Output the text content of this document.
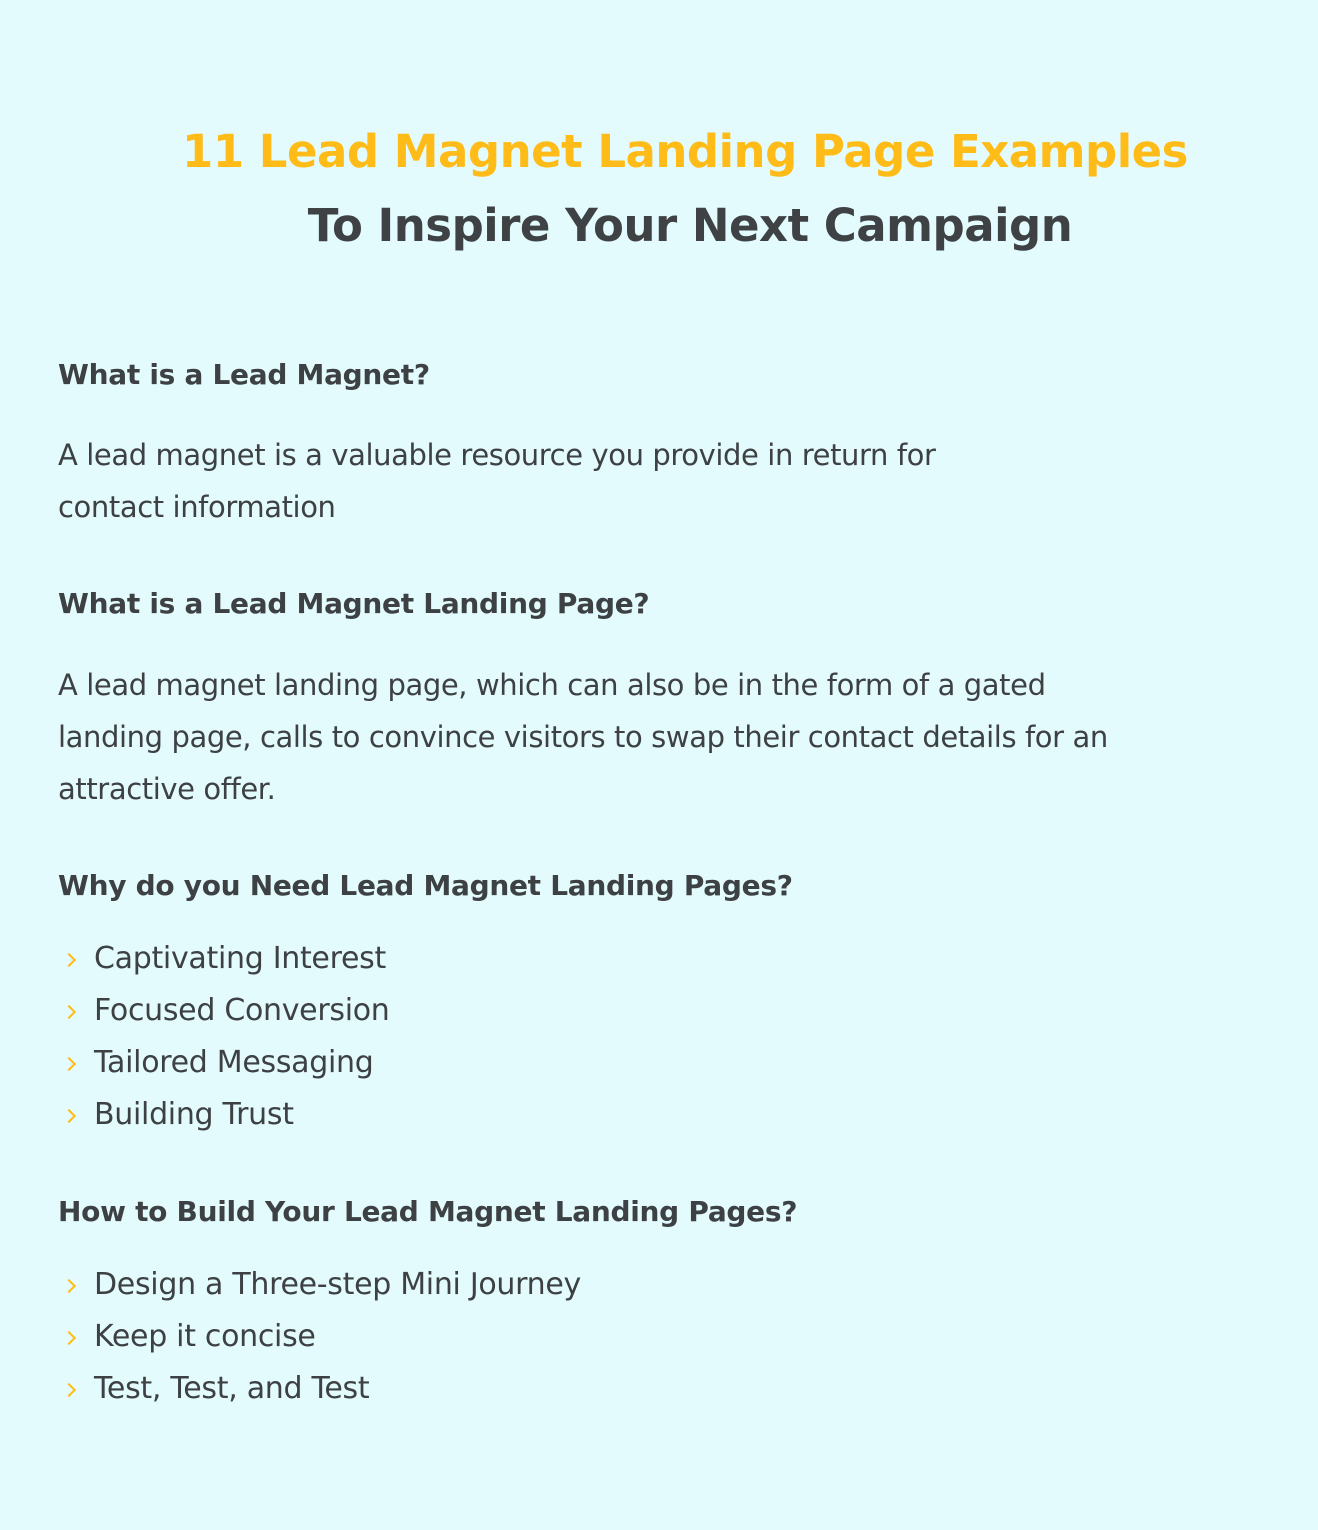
11 Lead Magnet Landing Page Examples
To Inspire Your Next Campaign
What is a Lead Magnet?
A lead magnet is a valuable resource you provide in return for
contact information
What is a Lead Magnet Landing Page?
A lead magnet landing page, which can also be in the form of a gated
landing page, calls to convince visitors to swap their contact details for an
attractive offer.
Why do you Need Lead Magnet Landing Pages?
Captivating Interest
Focused Conversion
Tailored Messaging
Building Trust
How to Build Your Lead Magnet Landing Pages?
Design a Three-step Mini Journey
Keep it concise
Test, Test, and Test
